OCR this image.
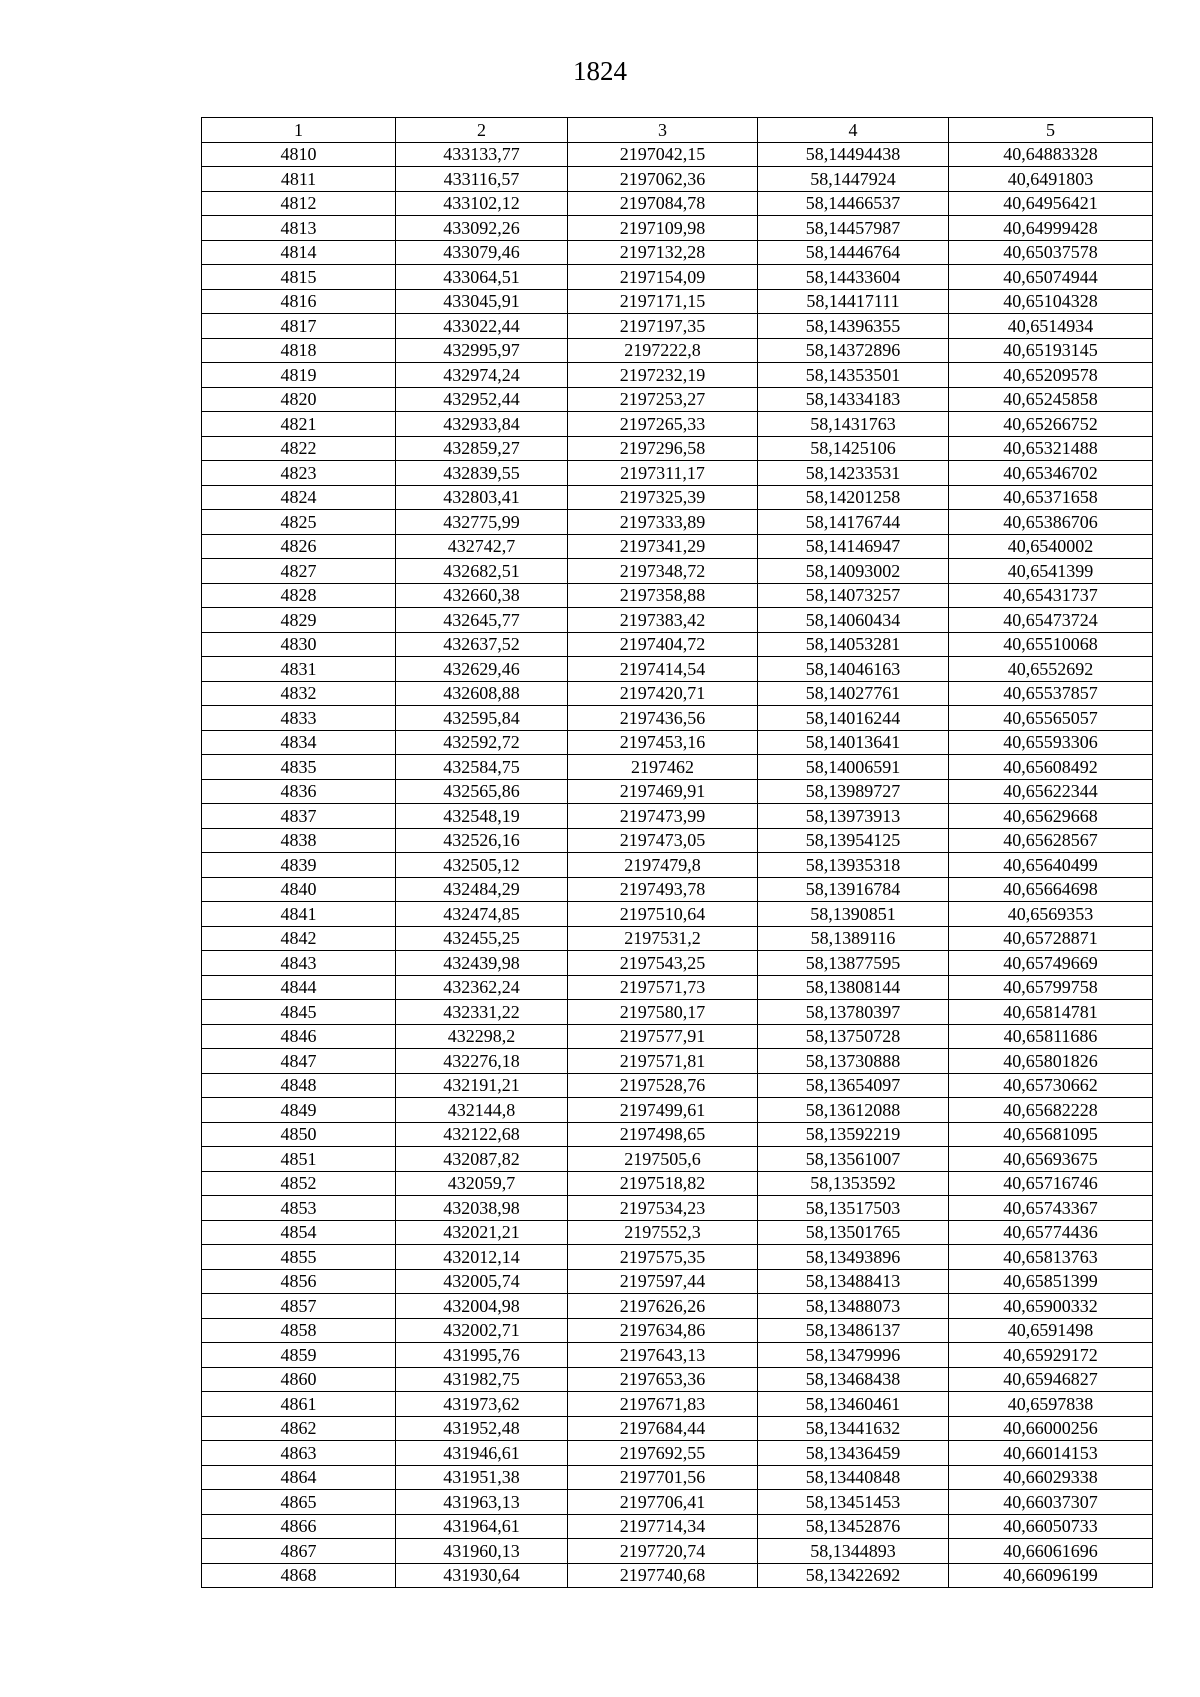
1824
1	2	3	4	5
4810	433133,77	2197042,15	58,14494438	40,64883328
4811	433116,57	2197062,36	58,1447924	40,6491803
4812	433102,12	2197084,78	58,14466537	40,64956421
4813	433092,26	2197109,98	58,14457987	40,64999428
4814	433079,46	2197132,28	58,14446764	40,65037578
4815	433064,51	2197154,09	58,14433604	40,65074944
4816	433045,91	2197171,15	58,14417111	40,65104328
4817	433022,44	2197197,35	58,14396355	40,6514934
4818	432995,97	2197222,8	58,14372896	40,65193145
4819	432974,24	2197232,19	58,14353501	40,65209578
4820	432952,44	2197253,27	58,14334183	40,65245858
4821	432933,84	2197265,33	58,1431763	40,65266752
4822	432859,27	2197296,58	58,1425106	40,65321488
4823	432839,55	2197311,17	58,14233531	40,65346702
4824	432803,41	2197325,39	58,14201258	40,65371658
4825	432775,99	2197333,89	58,14176744	40,65386706
4826	432742,7	2197341,29	58,14146947	40,6540002
4827	432682,51	2197348,72	58,14093002	40,6541399
4828	432660,38	2197358,88	58,14073257	40,65431737
4829	432645,77	2197383,42	58,14060434	40,65473724
4830	432637,52	2197404,72	58,14053281	40,65510068
4831	432629,46	2197414,54	58,14046163	40,6552692
4832	432608,88	2197420,71	58,14027761	40,65537857
4833	432595,84	2197436,56	58,14016244	40,65565057
4834	432592,72	2197453,16	58,14013641	40,65593306
4835	432584,75	2197462	58,14006591	40,65608492
4836	432565,86	2197469,91	58,13989727	40,65622344
4837	432548,19	2197473,99	58,13973913	40,65629668
4838	432526,16	2197473,05	58,13954125	40,65628567
4839	432505,12	2197479,8	58,13935318	40,65640499
4840	432484,29	2197493,78	58,13916784	40,65664698
4841	432474,85	2197510,64	58,1390851	40,6569353
4842	432455,25	2197531,2	58,1389116	40,65728871
4843	432439,98	2197543,25	58,13877595	40,65749669
4844	432362,24	2197571,73	58,13808144	40,65799758
4845	432331,22	2197580,17	58,13780397	40,65814781
4846	432298,2	2197577,91	58,13750728	40,65811686
4847	432276,18	2197571,81	58,13730888	40,65801826
4848	432191,21	2197528,76	58,13654097	40,65730662
4849	432144,8	2197499,61	58,13612088	40,65682228
4850	432122,68	2197498,65	58,13592219	40,65681095
4851	432087,82	2197505,6	58,13561007	40,65693675
4852	432059,7	2197518,82	58,1353592	40,65716746
4853	432038,98	2197534,23	58,13517503	40,65743367
4854	432021,21	2197552,3	58,13501765	40,65774436
4855	432012,14	2197575,35	58,13493896	40,65813763
4856	432005,74	2197597,44	58,13488413	40,65851399
4857	432004,98	2197626,26	58,13488073	40,65900332
4858	432002,71	2197634,86	58,13486137	40,6591498
4859	431995,76	2197643,13	58,13479996	40,65929172
4860	431982,75	2197653,36	58,13468438	40,65946827
4861	431973,62	2197671,83	58,13460461	40,6597838
4862	431952,48	2197684,44	58,13441632	40,66000256
4863	431946,61	2197692,55	58,13436459	40,66014153
4864	431951,38	2197701,56	58,13440848	40,66029338
4865	431963,13	2197706,41	58,13451453	40,66037307
4866	431964,61	2197714,34	58,13452876	40,66050733
4867	431960,13	2197720,74	58,1344893	40,66061696
4868	431930,64	2197740,68	58,13422692	40,66096199
